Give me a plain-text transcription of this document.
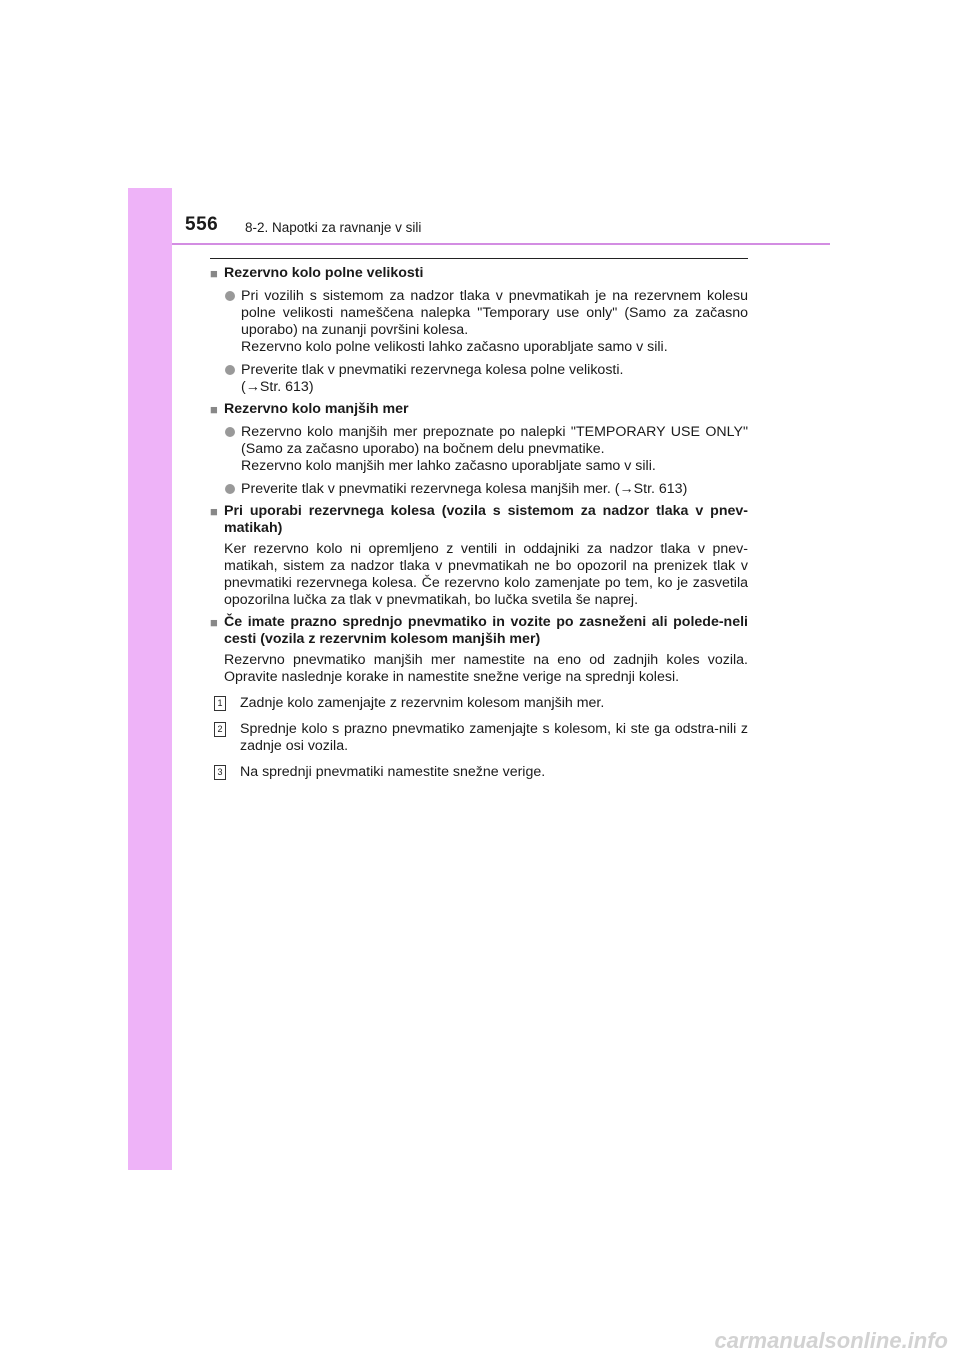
556 8-2. Napotki za ravnanje v sili
■ Rezervno kolo polne velikosti

Pri vozilih s sistemom za nadzor tlaka v pnevmatikah je na rezervnem kolesu polne velikosti nameščena nalepka "Temporary use only" (Samo za začasno uporabo) na zunanji površini kolesa.

Rezervno kolo polne velikosti lahko začasno uporabljate samo v sili.

Preverite tlak v pnevmatiki rezervnega kolesa polne velikosti.

(→Str. 613)

■ Rezervno kolo manjših mer

Rezervno kolo manjših mer prepoznate po nalepki "TEMPORARY USE ONLY" (Samo za začasno uporabo) na bočnem delu pnevmatike.

Rezervno kolo manjših mer lahko začasno uporabljate samo v sili.

Preverite tlak v pnevmatiki rezervnega kolesa manjših mer. (→Str. 613)

■ Pri uporabi rezervnega kolesa (vozila s sistemom za nadzor tlaka v pnev-matikah)

Ker rezervno kolo ni opremljeno z ventili in oddajniki za nadzor tlaka v pnev-matikah, sistem za nadzor tlaka v pnevmatikah ne bo opozoril na prenizek tlak v pnevmatiki rezervnega kolesa. Če rezervno kolo zamenjate po tem, ko je zasvetila opozorilna lučka za tlak v pnevmatikah, bo lučka svetila še naprej.

■ Če imate prazno sprednjo pnevmatiko in vozite po zasneženi ali polede-neli cesti (vozila z rezervnim kolesom manjših mer)

Rezervno pnevmatiko manjših mer namestite na eno od zadnjih koles vozila. Opravite naslednje korake in namestite snežne verige na sprednji kolesi.

1 Zadnje kolo zamenjajte z rezervnim kolesom manjših mer.
2 Sprednje kolo s prazno pnevmatiko zamenjajte s kolesom, ki ste ga odstra-nili z zadnje osi vozila.
3 Na sprednji pnevmatiki namestite snežne verige.
carmanualsonline.info
